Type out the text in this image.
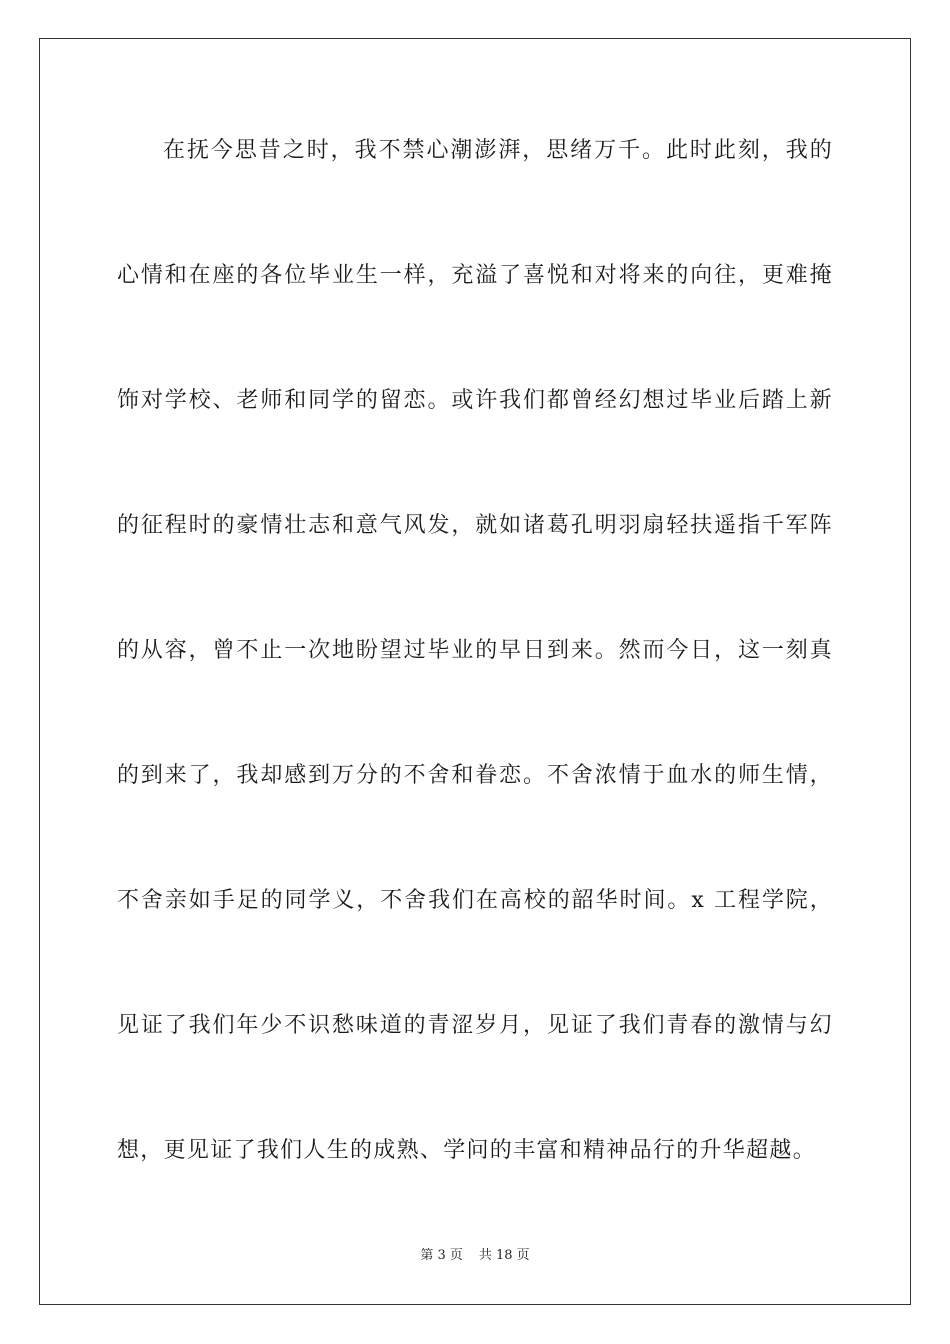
在抚今思昔之时，我不禁心潮澎湃，思绪万千。此时此刻，我的
心情和在座的各位毕业生一样，充溢了喜悦和对将来的向往，更难掩
饰对学校、老师和同学的留恋。或许我们都曾经幻想过毕业后踏上新
的征程时的豪情壮志和意气风发，就如诸葛孔明羽扇轻扶遥指千军阵
的从容，曾不止一次地盼望过毕业的早日到来。然而今日，这一刻真
的到来了，我却感到万分的不舍和眷恋。不舍浓情于血水的师生情，
不舍亲如手足的同学义，不舍我们在高校的韶华时间。x 工程学院，
见证了我们年少不识愁味道的青涩岁月，见证了我们青春的激情与幻
想，更见证了我们人生的成熟、学问的丰富和精神品行的升华超越。
第 3 页 共 18 页
